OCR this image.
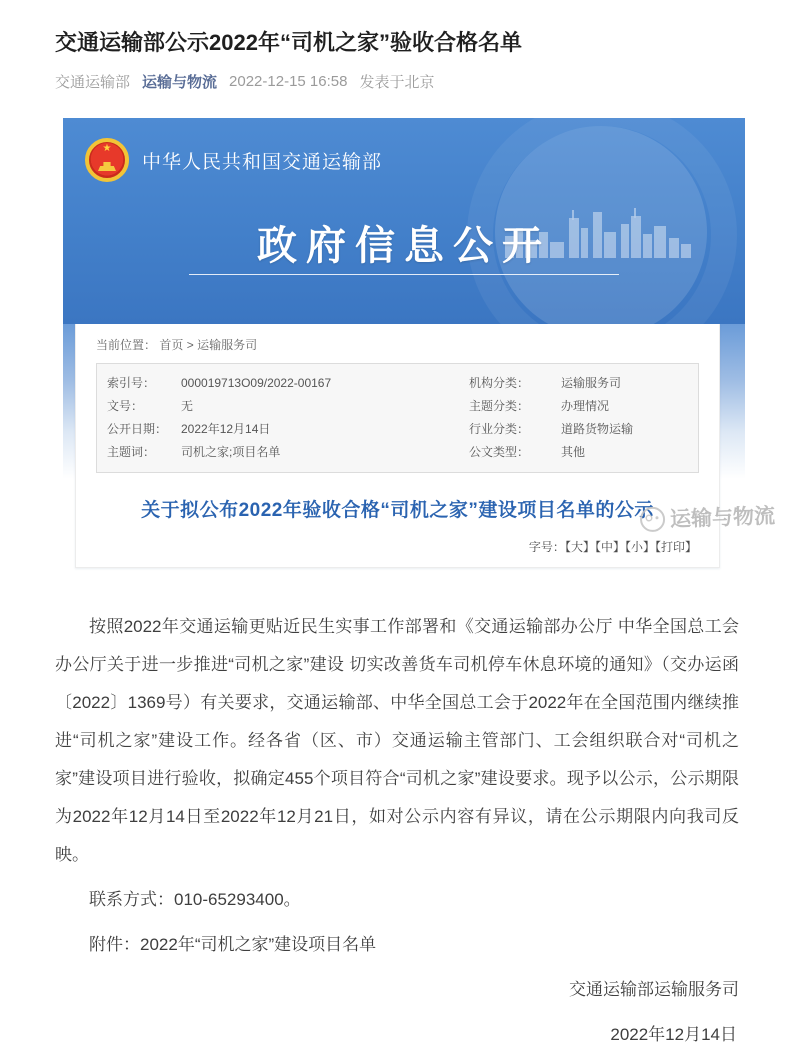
交通运输部公示2022年“司机之家”验收合格名单
交通运输部 运输与物流 2022-12-15 16:58 发表于北京
★
中华人民共和国交通运输部
政府信息公开
当前位置： 首页 > 运输服务司
索引号：	000019713O09/2022-00167	机构分类：	运输服务司
文号：	无	主题分类：	办理情况
公开日期：	2022年12月14日	行业分类：	道路货物运输
主题词：	司机之家;项目名单	公文类型：	其他
关于拟公布2022年验收合格“司机之家”建设项目名单的公示
字号：【大】【中】【小】【打印】
运输与物流

按照2022年交通运输更贴近民生实事工作部署和《交通运输部办公厅 中华全国总工会办公厅关于进一步推进“司机之家”建设 切实改善货车司机停车休息环境的通知》（交办运函〔2022〕1369号）有关要求，交通运输部、中华全国总工会于2022年在全国范围内继续推进“司机之家”建设工作。经各省（区、市）交通运输主管部门、工会组织联合对“司机之家”建设项目进行验收，拟确定455个项目符合“司机之家”建设要求。现予以公示，公示期限为2022年12月14日至2022年12月21日，如对公示内容有异议，请在公示期限内向我司反映。

联系方式：010-65293400。

附件：2022年“司机之家”建设项目名单

交通运输部运输服务司

2022年12月14日
